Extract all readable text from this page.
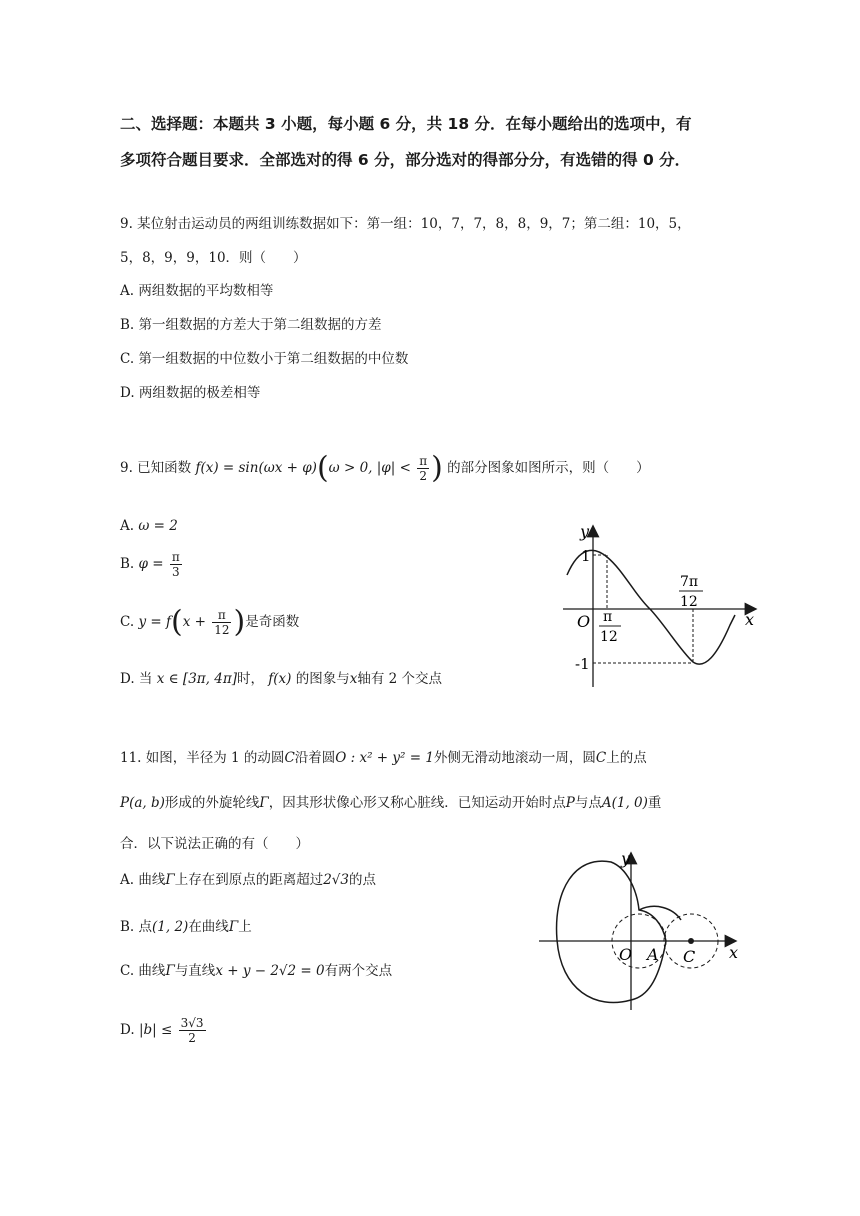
二、选择题：本题共 3 小题，每小题 6 分，共 18 分．在每小题给出的选项中，有
多项符合题目要求．全部选对的得 6 分，部分选对的得部分分，有选错的得 0 分．
9. 某位射击运动员的两组训练数据如下：第一组：10，7，7，8，8，9，7；第二组：10，5，
5，8，9，9，10．则（　　）
A. 两组数据的平均数相等
B. 第一组数据的方差大于第二组数据的方差
C. 第一组数据的中位数小于第二组数据的中位数
D. 两组数据的极差相等
9. 已知函数 f(x) = sin(ωx + φ)(ω > 0, $|\varphi| < \frac{\pi}{2}$ ) 的部分图象如图所示，则（　　）
A. ω = 2
B. $\varphi = \frac{\pi}{3}$
C. $y = f(x + \frac{\pi}{12}$ )是奇函数
D. 当 x ∈ [3π, 4π]时， f(x) 的图象与x轴有 2 个交点
y
x
O
1
-1
π
12
7π
12
11. 如图，半径为 1 的动圆C沿着圆O : x² + y² = 1外侧无滑动地滚动一周，圆C上的点
P(a, b)形成的外旋轮线Γ，因其形状像心形又称心脏线．已知运动开始时点P与点A(1, 0)重
合．以下说法正确的有（　　）
A. 曲线Γ上存在到原点的距离超过2√3的点
B. 点(1, 2)在曲线Γ上
C. 曲线Γ与直线x + y − 2√2 = 0有两个交点
D. $|b| \le \frac{3√3}{2}$
y
x
O A C
